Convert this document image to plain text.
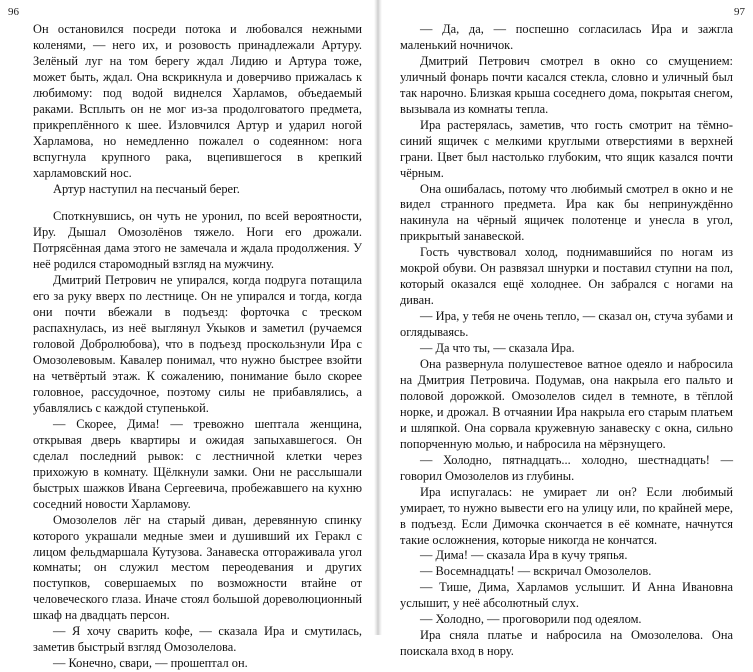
96

Он остановился посреди потока и любовался нежными коленями, — него их, и розовость принадлежали Артуру. Зелёный луг на том берегу ждал Лидию и Артура тоже, может быть, ждал. Она вскрикнула и доверчиво прижалась к любимому: под водой виднелся Харламов, объедаемый раками. Всплыть он не мог из-за продолговатого предмета, прикреплённого к шее. Изловчился Артур и ударил ногой Харламова, но немедленно пожалел о содеянном: нога вспугнула крупного рака, вцепившегося в крепкий харламовский нос.

Артур наступил на песчаный берег.

Споткнувшись, он чуть не уронил, по всей вероятности, Иру. Дышал Омозолёнов тяжело. Ноги его дрожали. Потрясённая дама этого не замечала и ждала продолжения. У неё родился старомодный взгляд на мужчину.

Дмитрий Петрович не упирался, когда подруга потащила его за руку вверх по лестнице. Он не упирался и тогда, когда они почти вбежали в подъезд: форточка с треском распахнулась, из неё выглянул Укыков и заметил (ручаемся головой Добролюбова), что в подъезд проскользнули Ира с Омозолевовым. Кавалер понимал, что нужно быстрее взойти на четвёртый этаж. К сожалению, понимание было скорее головное, рассудочное, поэтому силы не прибавлялись, а убавлялись с каждой ступенькой.

— Скорее, Дима! — тревожно шептала женщина, открывая дверь квартиры и ожидая запыхавшегося. Он сделал последний рывок: с лестничной клетки через прихожую в комнату. Щёлкнули замки. Они не расслышали быстрых шажков Ивана Сергеевича, пробежавшего на кухню соседний новости Харламову.

Омозолелов лёг на старый диван, деревянную спинку которого украшали медные змеи и душивший их Геракл с лицом фельдмаршала Кутузова. Занавеска отгораживала угол комнаты; он служил местом переодевания и других поступков, совершаемых по возможности втайне от человеческого глаза. Иначе стоял большой дореволюционный шкаф на двадцать персон.

— Я хочу сварить кофе, — сказала Ира и смутилась, заметив быстрый взгляд Омозолелова.

— Конечно, свари, — прошептал он.

97

— Да, да, — поспешно согласилась Ира и зажгла маленький ночничок.

Дмитрий Петрович смотрел в окно со смущением: уличный фонарь почти касался стекла, словно и уличный был так нарочно. Близкая крыша соседнего дома, покрытая снегом, вызывала из комнаты тепла.

Ира растерялась, заметив, что гость смотрит на тёмно-синий ящичек с мелкими круглыми отверстиями в верхней грани. Цвет был настолько глубоким, что ящик казался почти чёрным.

Она ошибалась, потому что любимый смотрел в окно и не видел странного предмета. Ира как бы непринуждённо накинула на чёрный ящичек полотенце и унесла в угол, прикрытый занавеской.

Гость чувствовал холод, поднимавшийся по ногам из мокрой обуви. Он развязал шнурки и поставил ступни на пол, который оказался ещё холоднее. Он забрался с ногами на диван.

— Ира, у тебя не очень тепло, — сказал он, стуча зубами и оглядываясь.

— Да что ты, — сказала Ира.

Она развернула полушестевое ватное одеяло и набросила на Дмитрия Петровича. Подумав, она накрыла его пальто и половой дорожкой. Омозолелов сидел в темноте, в тёплой норке, и дрожал. В отчаянии Ира накрыла его старым платьем и шляпкой. Она сорвала кружевную занавеску с окна, сильно попорченную молью, и набросила на мёрзнущего.

— Холодно, пятнадцать... холодно, шестнадцать! — говорил Омозолелов из глубины.

Ира испугалась: не умирает ли он? Если любимый умирает, то нужно вывести его на улицу или, по крайней мере, в подъезд. Если Димочка скончается в её комнате, начнутся такие осложнения, которые никогда не кончатся.

— Дима! — сказала Ира в кучу тряпья.

— Восемнадцать! — вскричал Омозолелов.

— Тише, Дима, Харламов услышит. И Анна Ивановна услышит, у неё абсолютный слух.

— Холодно, — проговорили под одеялом.

Ира сняла платье и набросила на Омозолелова. Она поискала вход в нору.
